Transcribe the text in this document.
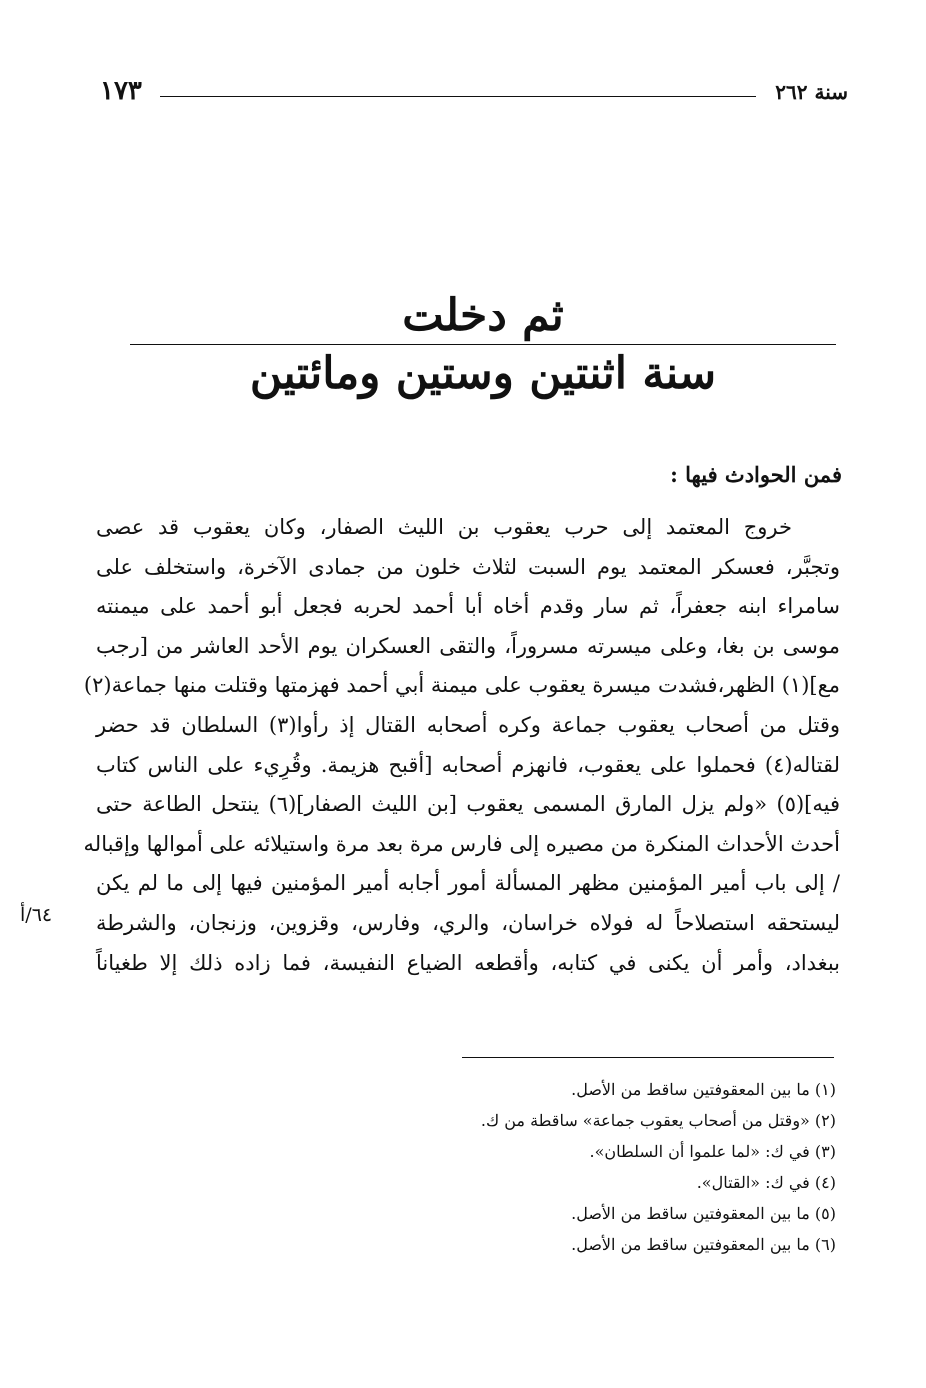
١٧٣	سنة ٢٦٢
ثم دخلت
سنة اثنتين وستين ومائتين
فمن الحوادث فيها :
خروج المعتمد إلى حرب يعقوب بن الليث الصفار، وكان يعقوب قد عصى
وتجبَّر، فعسكر المعتمد يوم السبت لثلاث خلون من جمادى الآخرة، واستخلف على
سامراء ابنه جعفراً، ثم سار وقدم أخاه أبا أحمد لحربه فجعل أبو أحمد على ميمنته
موسى بن بغا، وعلى ميسرته مسروراً، والتقى العسكران يوم الأحد العاشر من [رجب
مع](١) الظهر،فشدت ميسرة يعقوب على ميمنة أبي أحمد فهزمتها وقتلت منها جماعة(٢)
وقتل من أصحاب يعقوب جماعة وكره أصحابه القتال إذ رأوا(٣) السلطان قد حضر
لقتاله(٤) فحملوا على يعقوب، فانهزم أصحابه [أقبح هزيمة. وقُرِيء على الناس كتاب
فيه](٥) «ولم يزل المارق المسمى يعقوب [بن الليث الصفار](٦) ينتحل الطاعة حتى
أحدث الأحداث المنكرة من مصيره إلى فارس مرة بعد مرة واستيلائه على أموالها وإقباله
/ إلى باب أمير المؤمنين مظهر المسألة أمور أجابه أمير المؤمنين فيها إلى ما لم يكن
ليستحقه استصلاحاً له فولاه خراسان، والري، وفارس، وقزوين، وزنجان، والشرطة
ببغداد، وأمر أن يكنى في كتابه، وأقطعه الضياع النفيسة، فما زاده ذلك إلا طغياناً
٦٤/أ
(١) ما بين المعقوفتين ساقط من الأصل.
(٢) «وقتل من أصحاب يعقوب جماعة» ساقطة من ك.
(٣) في ك: «لما علموا أن السلطان».
(٤) في ك: «القتال».
(٥) ما بين المعقوفتين ساقط من الأصل.
(٦) ما بين المعقوفتين ساقط من الأصل.
